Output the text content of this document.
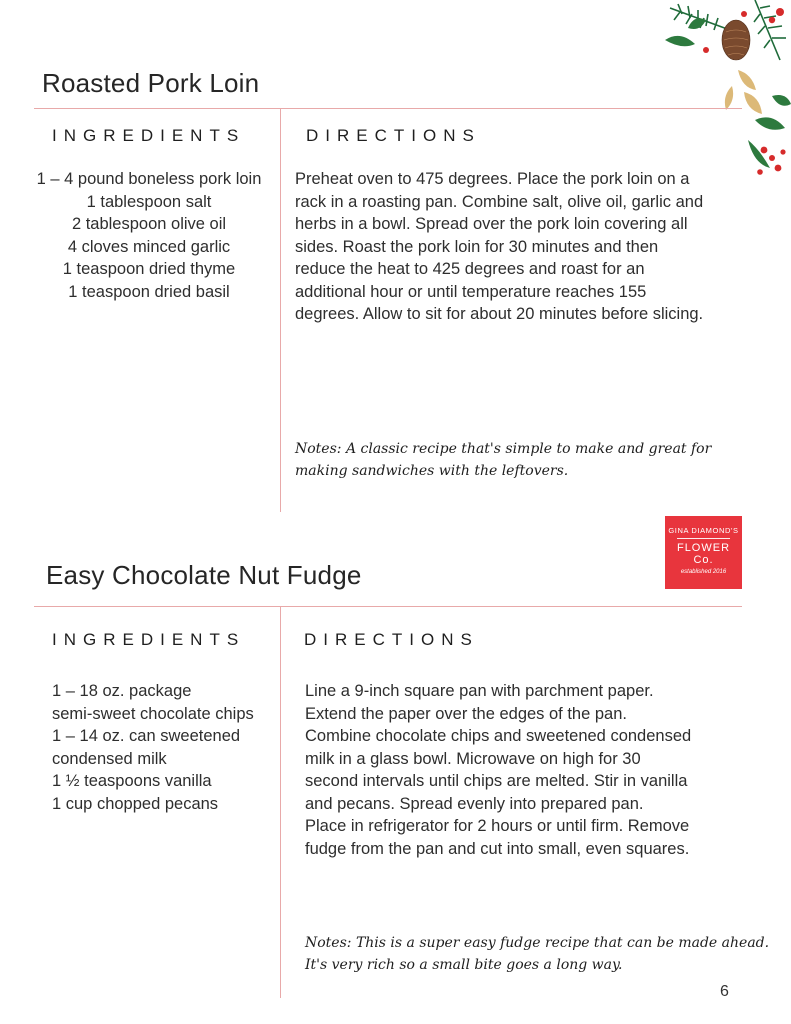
Roasted Pork Loin
INGREDIENTS	DIRECTIONS
1 – 4 pound boneless pork loin
1 tablespoon salt
2 tablespoon olive oil
4 cloves minced garlic
1 teaspoon dried thyme
1 teaspoon dried basil
Preheat oven to 475 degrees. Place the pork loin on a
rack in a roasting pan. Combine salt, olive oil, garlic and
herbs in a bowl. Spread over the pork loin covering all
sides. Roast the pork loin for 30 minutes and then
reduce the heat to 425 degrees and roast for an
additional hour or until temperature reaches 155
degrees. Allow to sit for about 20 minutes before slicing.
Notes: A classic recipe that's simple to make and great for
making sandwiches with the leftovers.
GINA DIAMOND'S
FLOWER Co.
established 2016
Easy Chocolate Nut Fudge
INGREDIENTS	DIRECTIONS
1 – 18 oz. package
semi-sweet chocolate chips
1 – 14 oz. can sweetened
condensed milk
1 ½ teaspoons vanilla
1 cup chopped pecans
Line a 9-inch square pan with parchment paper.
Extend the paper over the edges of the pan.
Combine chocolate chips and sweetened condensed
milk in a glass bowl. Microwave on high for 30
second intervals until chips are melted. Stir in vanilla
and pecans. Spread evenly into prepared pan.
Place in refrigerator for 2 hours or until firm. Remove
fudge from the pan and cut into small, even squares.
Notes: This is a super easy fudge recipe that can be made ahead.
It's very rich so a small bite goes a long way.
6
